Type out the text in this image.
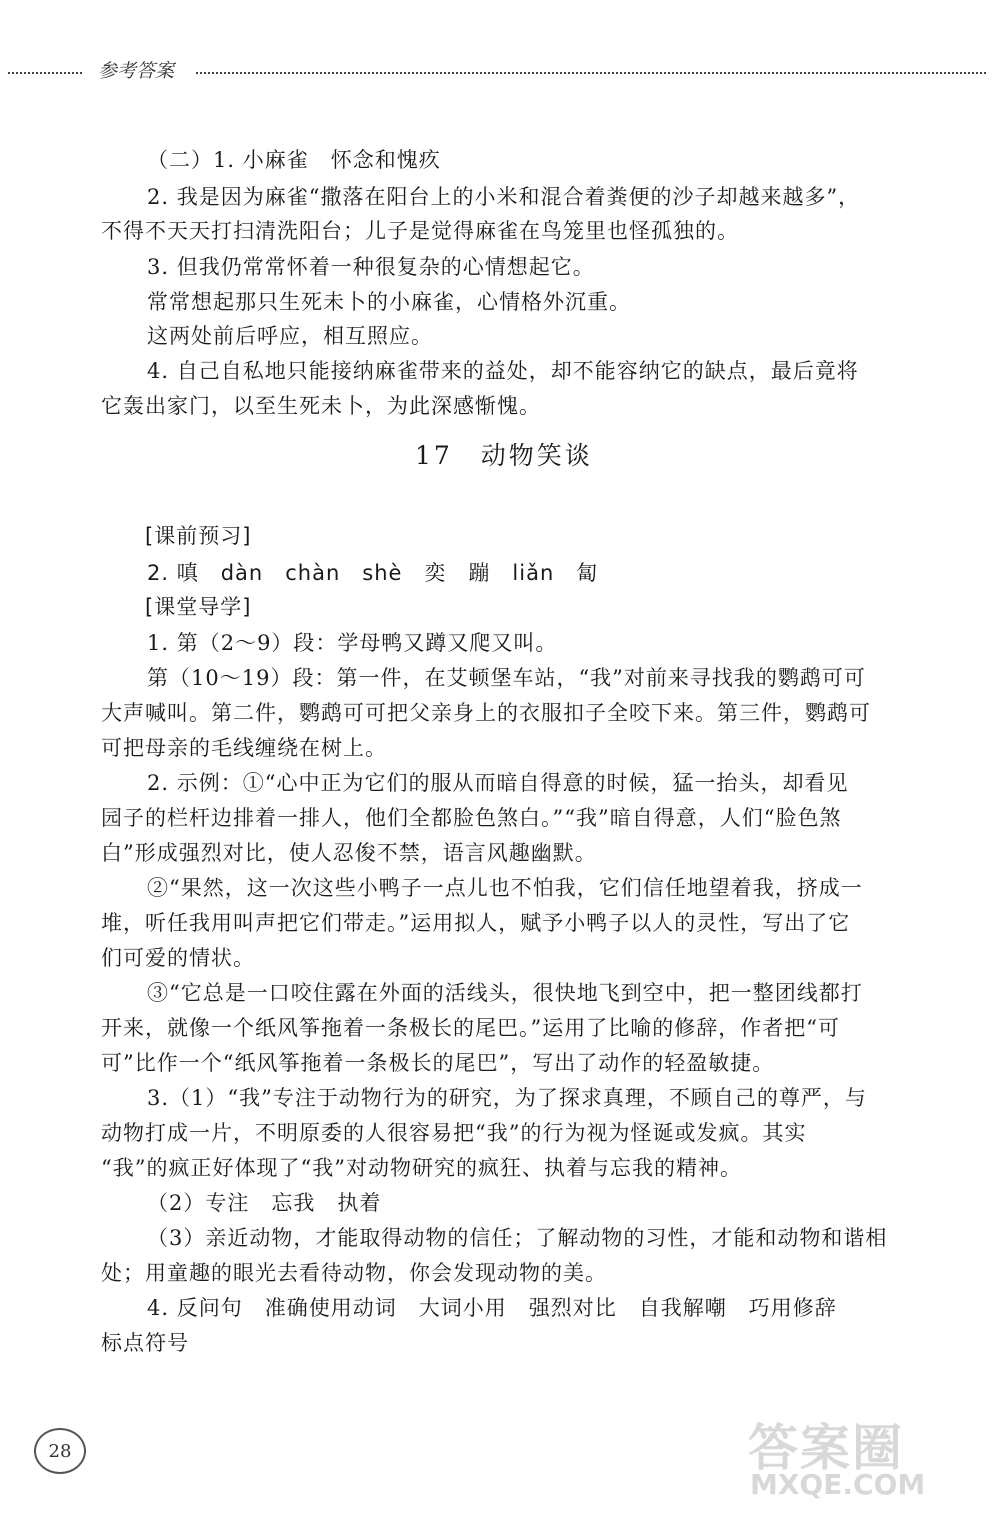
参考答案
（二）1. 小麻雀　怀念和愧疚
2. 我是因为麻雀“撒落在阳台上的小米和混合着粪便的沙子却越来越多”，
不得不天天打扫清洗阳台；儿子是觉得麻雀在鸟笼里也怪孤独的。
3. 但我仍常常怀着一种很复杂的心情想起它。
常常想起那只生死未卜的小麻雀，心情格外沉重。
这两处前后呼应，相互照应。
4. 自己自私地只能接纳麻雀带来的益处，却不能容纳它的缺点，最后竟将
它轰出家门，以至生死未卜，为此深感惭愧。
17　动物笑谈
[课前预习]
2. 嗔　dàn　chàn　shè　奕　蹦　liǎn　匐
[课堂导学]
1. 第（2～9）段：学母鸭又蹲又爬又叫。
第（10～19）段：第一件，在艾顿堡车站，“我”对前来寻找我的鹦鹉可可
大声喊叫。第二件，鹦鹉可可把父亲身上的衣服扣子全咬下来。第三件，鹦鹉可
可把母亲的毛线缠绕在树上。
2. 示例：①“心中正为它们的服从而暗自得意的时候，猛一抬头，却看见
园子的栏杆边排着一排人，他们全都脸色煞白。”“我”暗自得意，人们“脸色煞
白”形成强烈对比，使人忍俊不禁，语言风趣幽默。
②“果然，这一次这些小鸭子一点儿也不怕我，它们信任地望着我，挤成一
堆，听任我用叫声把它们带走。”运用拟人，赋予小鸭子以人的灵性，写出了它
们可爱的情状。
③“它总是一口咬住露在外面的活线头，很快地飞到空中，把一整团线都打
开来，就像一个纸风筝拖着一条极长的尾巴。”运用了比喻的修辞，作者把“可
可”比作一个“纸风筝拖着一条极长的尾巴”，写出了动作的轻盈敏捷。
3.（1）“我”专注于动物行为的研究，为了探求真理，不顾自己的尊严，与
动物打成一片，不明原委的人很容易把“我”的行为视为怪诞或发疯。其实
“我”的疯正好体现了“我”对动物研究的疯狂、执着与忘我的精神。
（2）专注　忘我　执着
（3）亲近动物，才能取得动物的信任；了解动物的习性，才能和动物和谐相
处；用童趣的眼光去看待动物，你会发现动物的美。
4. 反问句　准确使用动词　大词小用　强烈对比　自我解嘲　巧用修辞
标点符号
28	答案圈
MXQE.COM
